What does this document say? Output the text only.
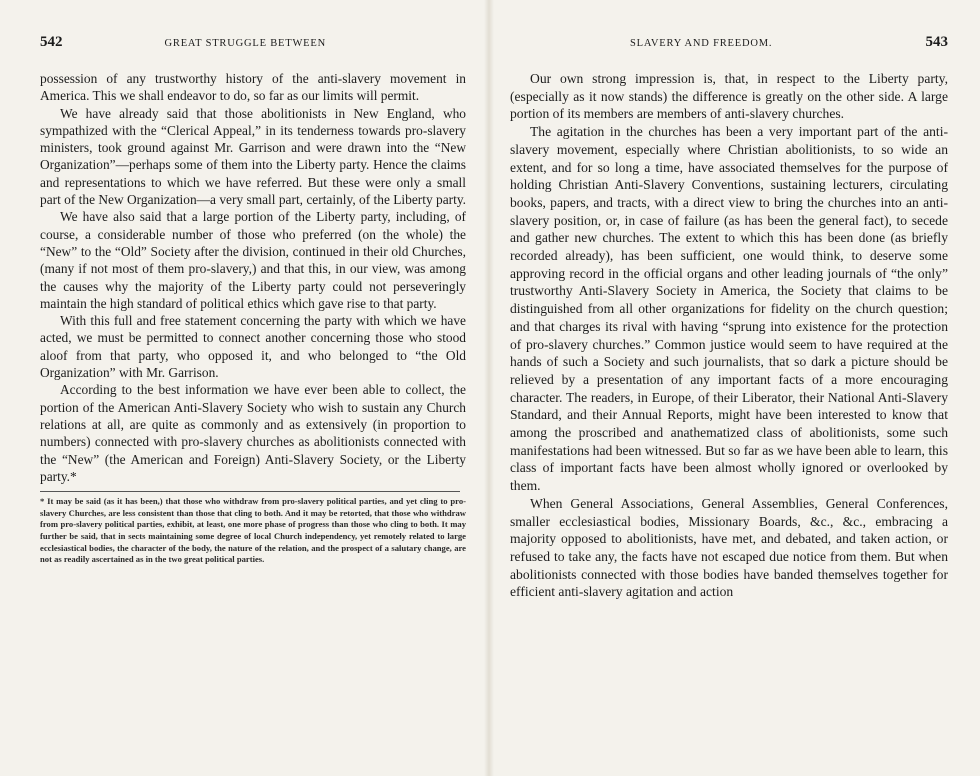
542	GREAT STRUGGLE BETWEEN

possession of any trustworthy history of the anti-slavery movement in America. This we shall endeavor to do, so far as our limits will permit.

We have already said that those abolitionists in New England, who sympathized with the “Clerical Appeal,” in its tenderness towards pro-slavery ministers, took ground against Mr. Garrison and were drawn into the “New Organization”—perhaps some of them into the Liberty party. Hence the claims and representations to which we have referred. But these were only a small part of the New Organization—a very small part, certainly, of the Liberty party.

We have also said that a large portion of the Liberty party, including, of course, a considerable number of those who preferred (on the whole) the “New” to the “Old” Society after the division, continued in their old Churches, (many if not most of them pro-slavery,) and that this, in our view, was among the causes why the majority of the Liberty party could not perseveringly maintain the high standard of political ethics which gave rise to that party.

With this full and free statement concerning the party with which we have acted, we must be permitted to connect another concerning those who stood aloof from that party, who opposed it, and who belonged to “the Old Organization” with Mr. Garrison.

According to the best information we have ever been able to collect, the portion of the American Anti-Slavery Society who wish to sustain any Church relations at all, are quite as commonly and as extensively (in proportion to numbers) connected with pro-slavery churches as abolitionists connected with the “New” (the American and Foreign) Anti-Slavery Society, or the Liberty party.*

* It may be said (as it has been,) that those who withdraw from pro-slavery political parties, and yet cling to pro-slavery Churches, are less consistent than those that cling to both. And it may be retorted, that those who withdraw from pro-slavery political parties, exhibit, at least, one more phase of progress than those who cling to both. It may further be said, that in sects maintaining some degree of local Church independency, yet remotely related to large ecclesiastical bodies, the character of the body, the nature of the relation, and the prospect of a salutary change, are not as readily ascertained as in the two great political parties.

SLAVERY AND FREEDOM.	543

Our own strong impression is, that, in respect to the Liberty party, (especially as it now stands) the difference is greatly on the other side. A large portion of its members are members of anti-slavery churches.

The agitation in the churches has been a very important part of the anti-slavery movement, especially where Christian abolitionists, to so wide an extent, and for so long a time, have associated themselves for the purpose of holding Christian Anti-Slavery Conventions, sustaining lecturers, circulating books, papers, and tracts, with a direct view to bring the churches into an anti-slavery position, or, in case of failure (as has been the general fact), to secede and gather new churches. The extent to which this has been done (as briefly recorded already), has been sufficient, one would think, to deserve some approving record in the official organs and other leading journals of “the only” trustworthy Anti-Slavery Society in America, the Society that claims to be distinguished from all other organizations for fidelity on the church question; and that charges its rival with having “sprung into existence for the protection of pro-slavery churches.” Common justice would seem to have required at the hands of such a Society and such journalists, that so dark a picture should be relieved by a presentation of any important facts of a more encouraging character. The readers, in Europe, of their Liberator, their National Anti-Slavery Standard, and their Annual Reports, might have been interested to know that among the proscribed and anathematized class of abolitionists, some such manifestations had been witnessed. But so far as we have been able to learn, this class of important facts have been almost wholly ignored or overlooked by them.

When General Associations, General Assemblies, General Conferences, smaller ecclesiastical bodies, Missionary Boards, &c., &c., embracing a majority opposed to abolitionists, have met, and debated, and taken action, or refused to take any, the facts have not escaped due notice from them. But when abolitionists connected with those bodies have banded themselves together for efficient anti-slavery agitation and action
